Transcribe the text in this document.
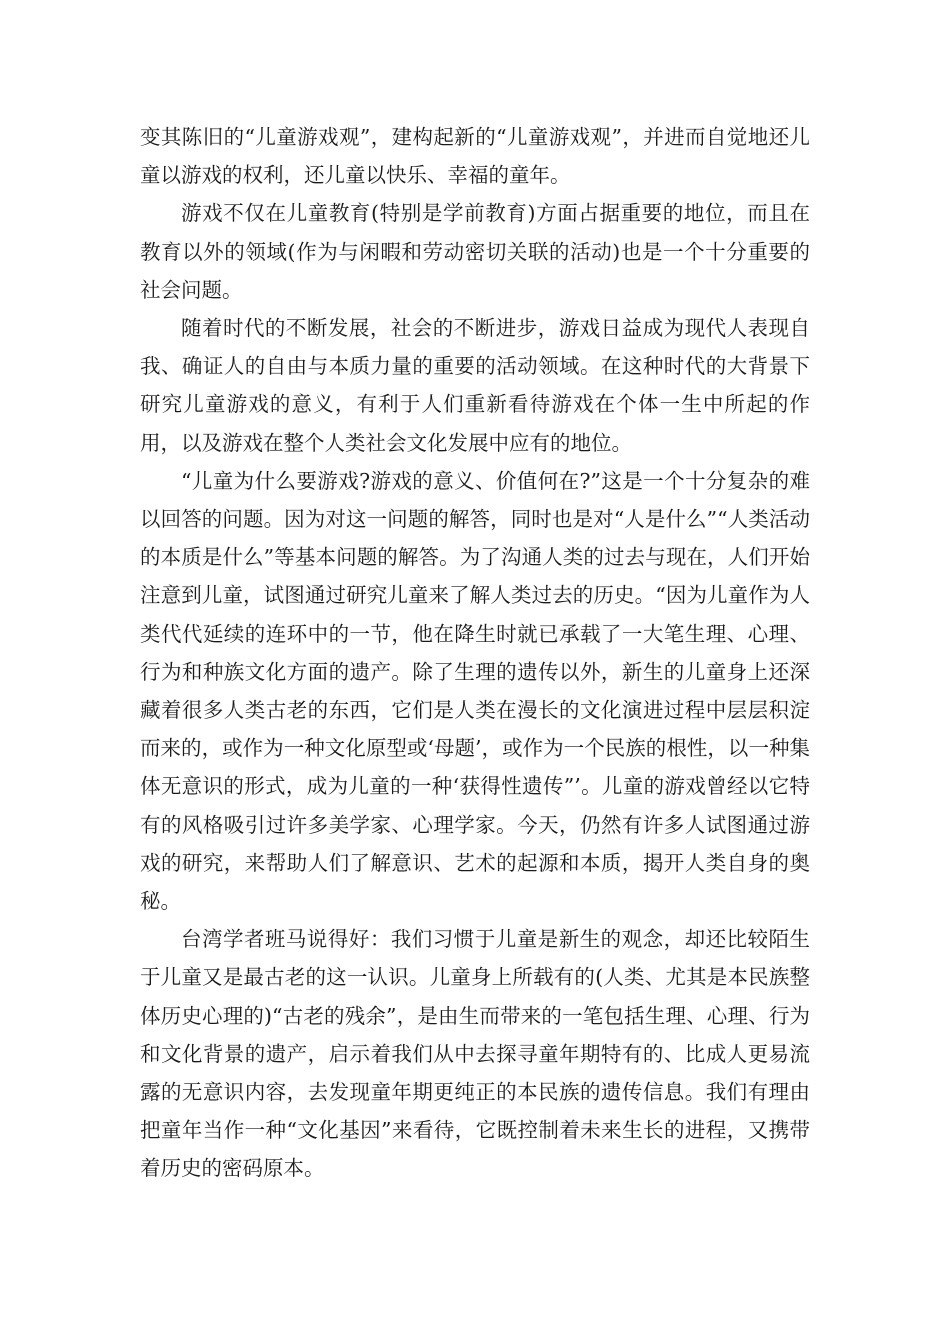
变其陈旧的“儿童游戏观”，建构起新的“儿童游戏观”，并进而自觉地还儿童以游戏的权利，还儿童以快乐、幸福的童年。

游戏不仅在儿童教育(特别是学前教育)方面占据重要的地位，而且在教育以外的领域(作为与闲暇和劳动密切关联的活动)也是一个十分重要的社会问题。

随着时代的不断发展，社会的不断进步，游戏日益成为现代人表现自我、确证人的自由与本质力量的重要的活动领域。在这种时代的大背景下研究儿童游戏的意义，有利于人们重新看待游戏在个体一生中所起的作用，以及游戏在整个人类社会文化发展中应有的地位。

“儿童为什么要游戏?游戏的意义、价值何在?”这是一个十分复杂的难以回答的问题。因为对这一问题的解答，同时也是对“人是什么”“人类活动的本质是什么”等基本问题的解答。为了沟通人类的过去与现在，人们开始注意到儿童，试图通过研究儿童来了解人类过去的历史。“因为儿童作为人类代代延续的连环中的一节，他在降生时就已承载了一大笔生理、心理、行为和种族文化方面的遗产。除了生理的遗传以外，新生的儿童身上还深藏着很多人类古老的东西，它们是人类在漫长的文化演进过程中层层积淀而来的，或作为一种文化原型或‘母题’，或作为一个民族的根性，以一种集体无意识的形式，成为儿童的一种‘获得性遗传”’。儿童的游戏曾经以它特有的风格吸引过许多美学家、心理学家。今天，仍然有许多人试图通过游戏的研究，来帮助人们了解意识、艺术的起源和本质，揭开人类自身的奥秘。

台湾学者班马说得好：我们习惯于儿童是新生的观念，却还比较陌生于儿童又是最古老的这一认识。儿童身上所载有的(人类、尤其是本民族整体历史心理的)“古老的残余”，是由生而带来的一笔包括生理、心理、行为和文化背景的遗产，启示着我们从中去探寻童年期特有的、比成人更易流露的无意识内容，去发现童年期更纯正的本民族的遗传信息。我们有理由把童年当作一种“文化基因”来看待，它既控制着未来生长的进程，又携带着历史的密码原本。
